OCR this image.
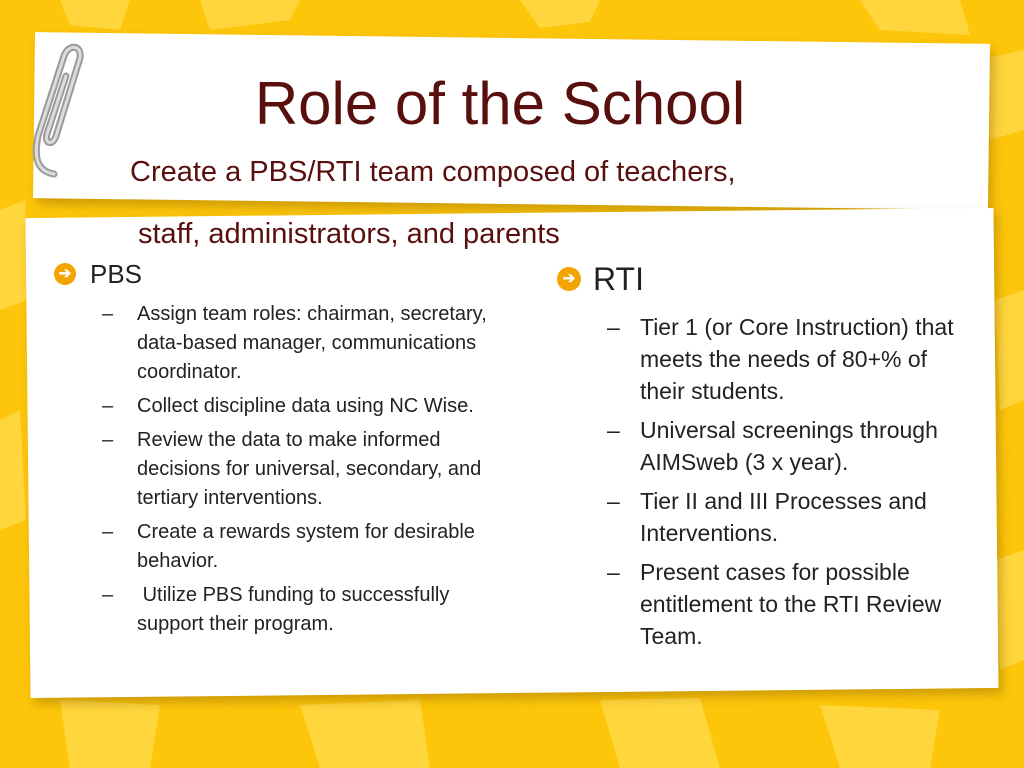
Role of the School

Create a PBS/RTI team composed of teachers,

staff, administrators, and parents

➔ PBS
– Assign team roles: chairman, secretary, data-based manager, communications coordinator.
– Collect discipline data using NC Wise.
– Review the data to make informed decisions for universal, secondary, and tertiary interventions.
– Create a rewards system for desirable behavior.
– Utilize PBS funding to successfully support their program.
➔ RTI
– Tier 1 (or Core Instruction) that meets the needs of 80+% of their students.
– Universal screenings through AIMSweb (3 x year).
– Tier II and III Processes and Interventions.
– Present cases for possible entitlement to the RTI Review Team.
